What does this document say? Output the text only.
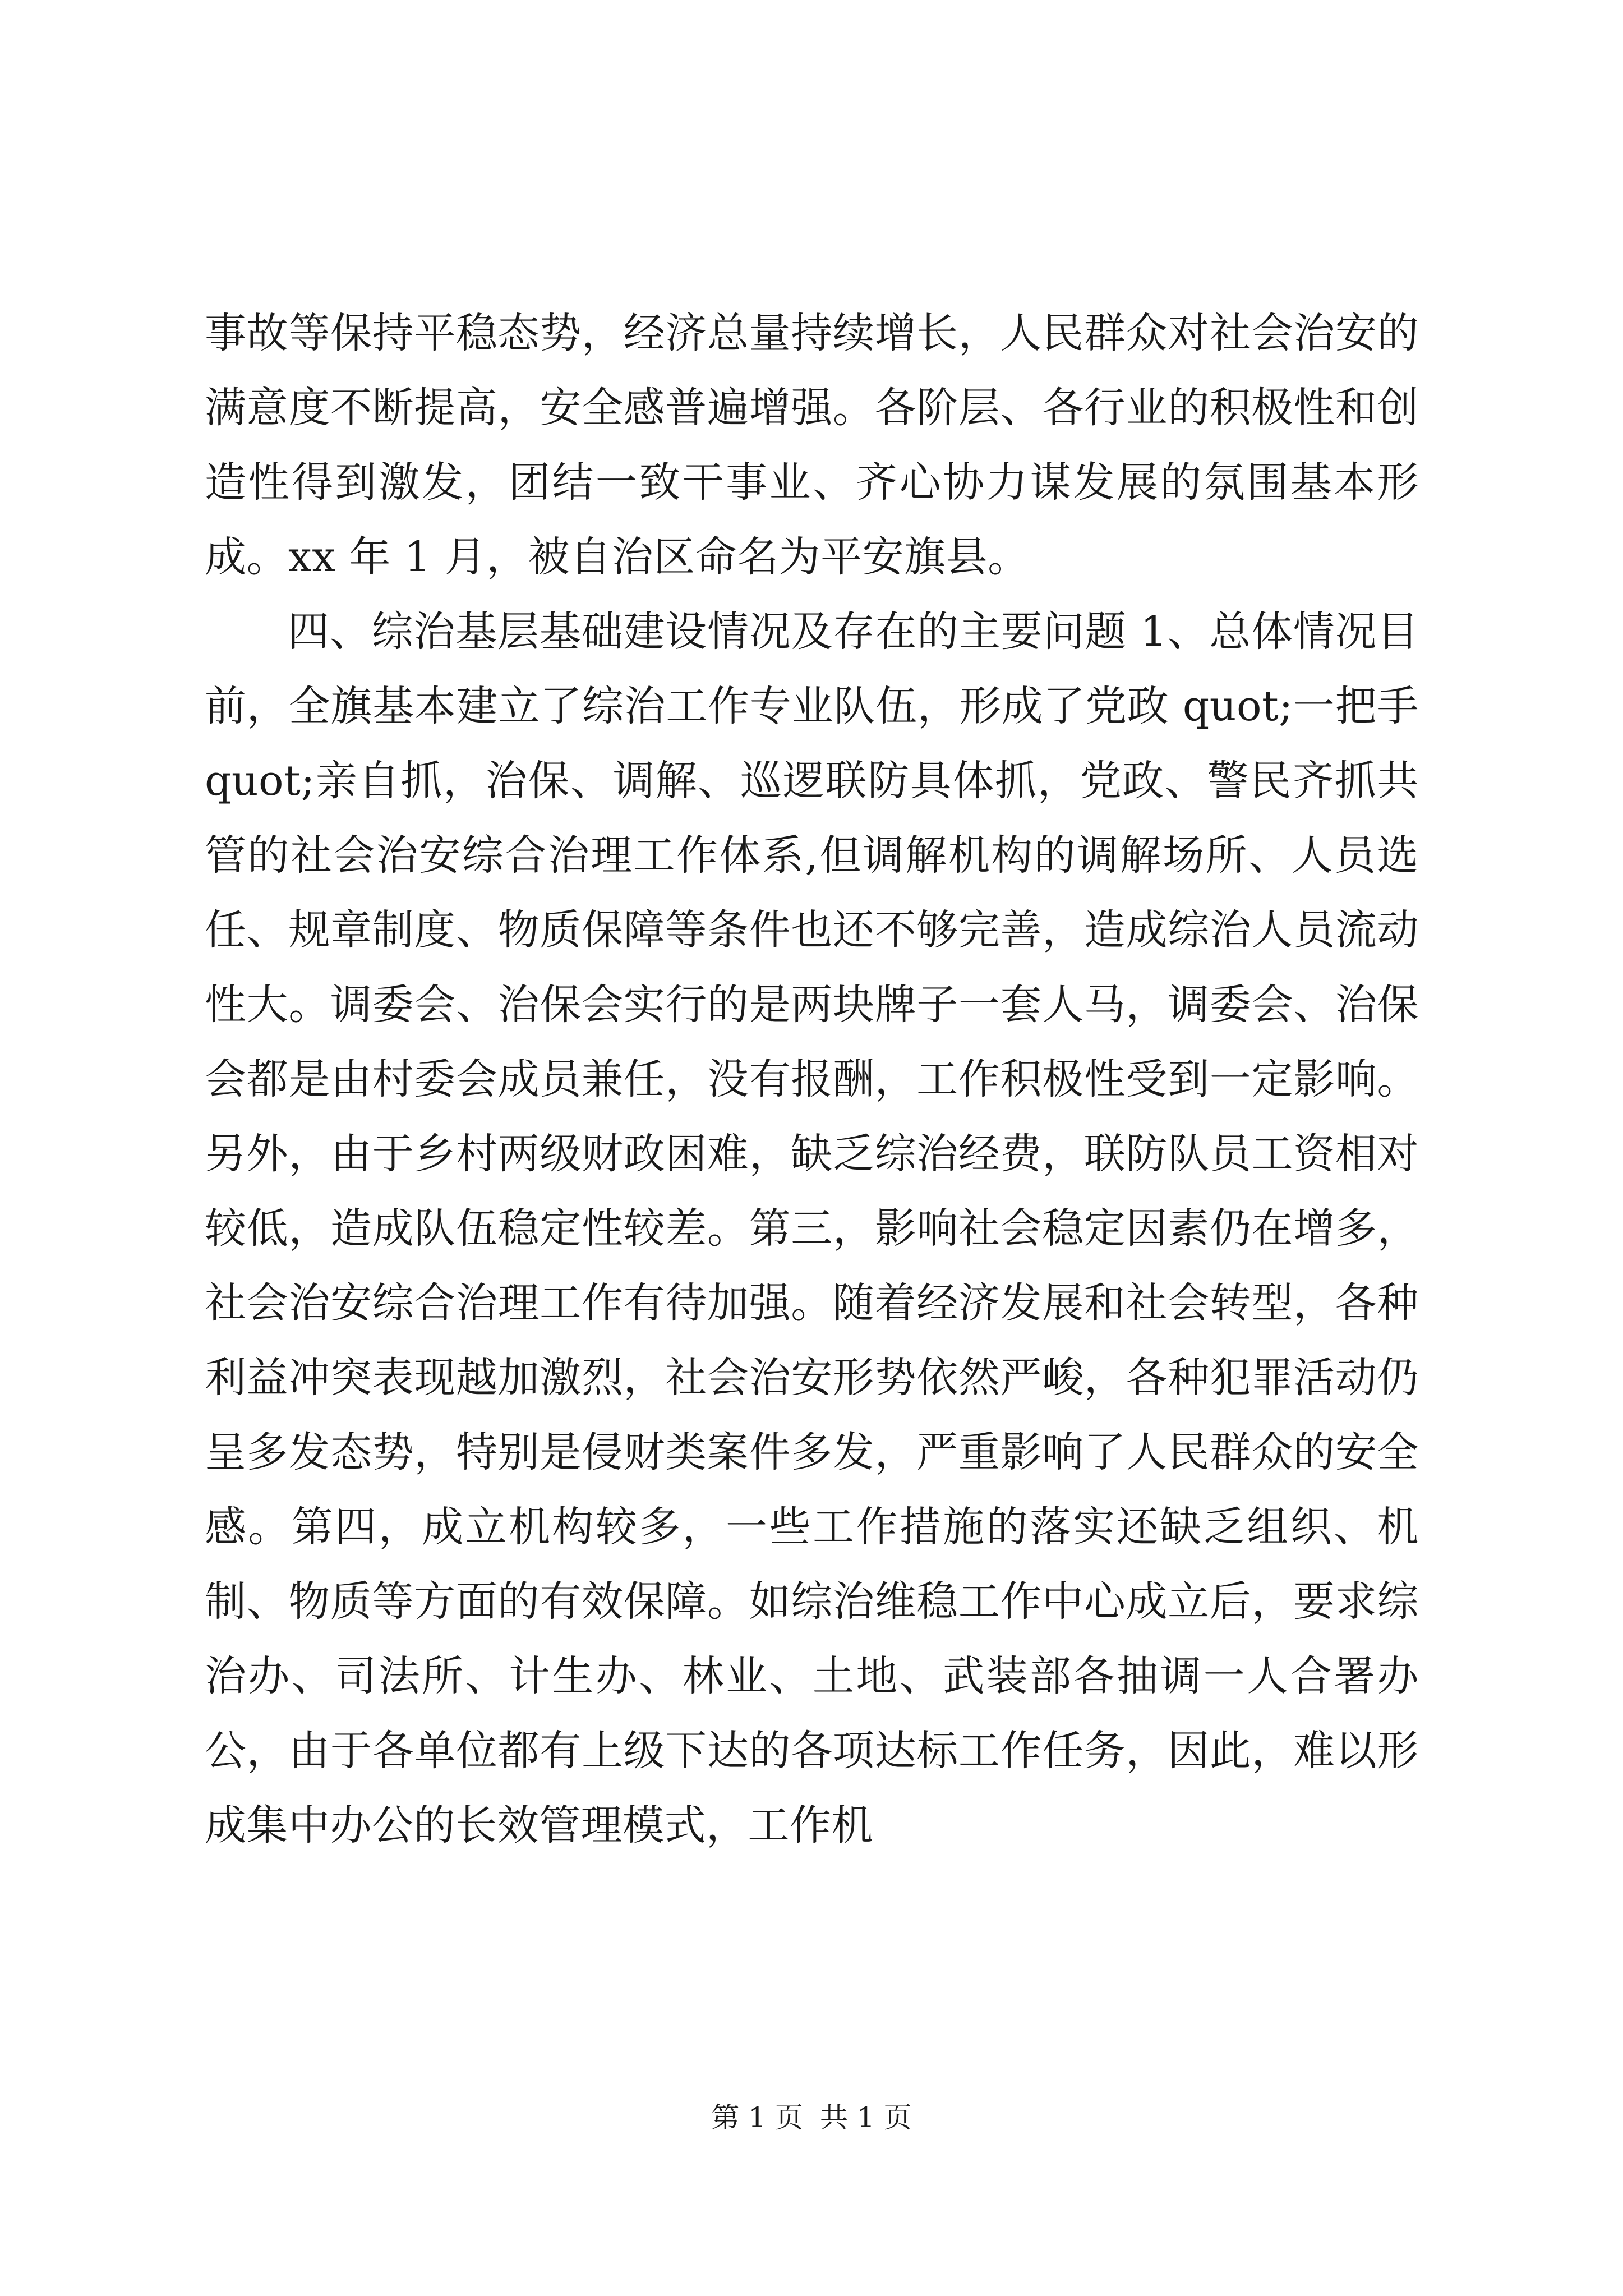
事故等保持平稳态势，经济总量持续增长，人民群众对社会治安的满意度不断提高，安全感普遍增强。各阶层、各行业的积极性和创造性得到激发，团结一致干事业、齐心协力谋发展的氛围基本形成。xx 年 1 月，被自治区命名为平安旗县。

四、综治基层基础建设情况及存在的主要问题 1、总体情况目前，全旗基本建立了综治工作专业队伍，形成了党政 quot;一把手 quot;亲自抓，治保、调解、巡逻联防具体抓，党政、警民齐抓共管的社会治安综合治理工作体系,但调解机构的调解场所、人员选任、规章制度、物质保障等条件也还不够完善，造成综治人员流动性大。调委会、治保会实行的是两块牌子一套人马，调委会、治保会都是由村委会成员兼任，没有报酬，工作积极性受到一定影响。另外，由于乡村两级财政困难，缺乏综治经费，联防队员工资相对较低，造成队伍稳定性较差。第三，影响社会稳定因素仍在增多，社会治安综合治理工作有待加强。随着经济发展和社会转型，各种利益冲突表现越加激烈，社会治安形势依然严峻，各种犯罪活动仍呈多发态势，特别是侵财类案件多发，严重影响了人民群众的安全感。第四，成立机构较多，一些工作措施的落实还缺乏组织、机制、物质等方面的有效保障。如综治维稳工作中心成立后，要求综治办、司法所、计生办、林业、土地、武装部各抽调一人合署办公，由于各单位都有上级下达的各项达标工作任务，因此，难以形成集中办公的长效管理模式，工作机

第 1 页 共 1 页
